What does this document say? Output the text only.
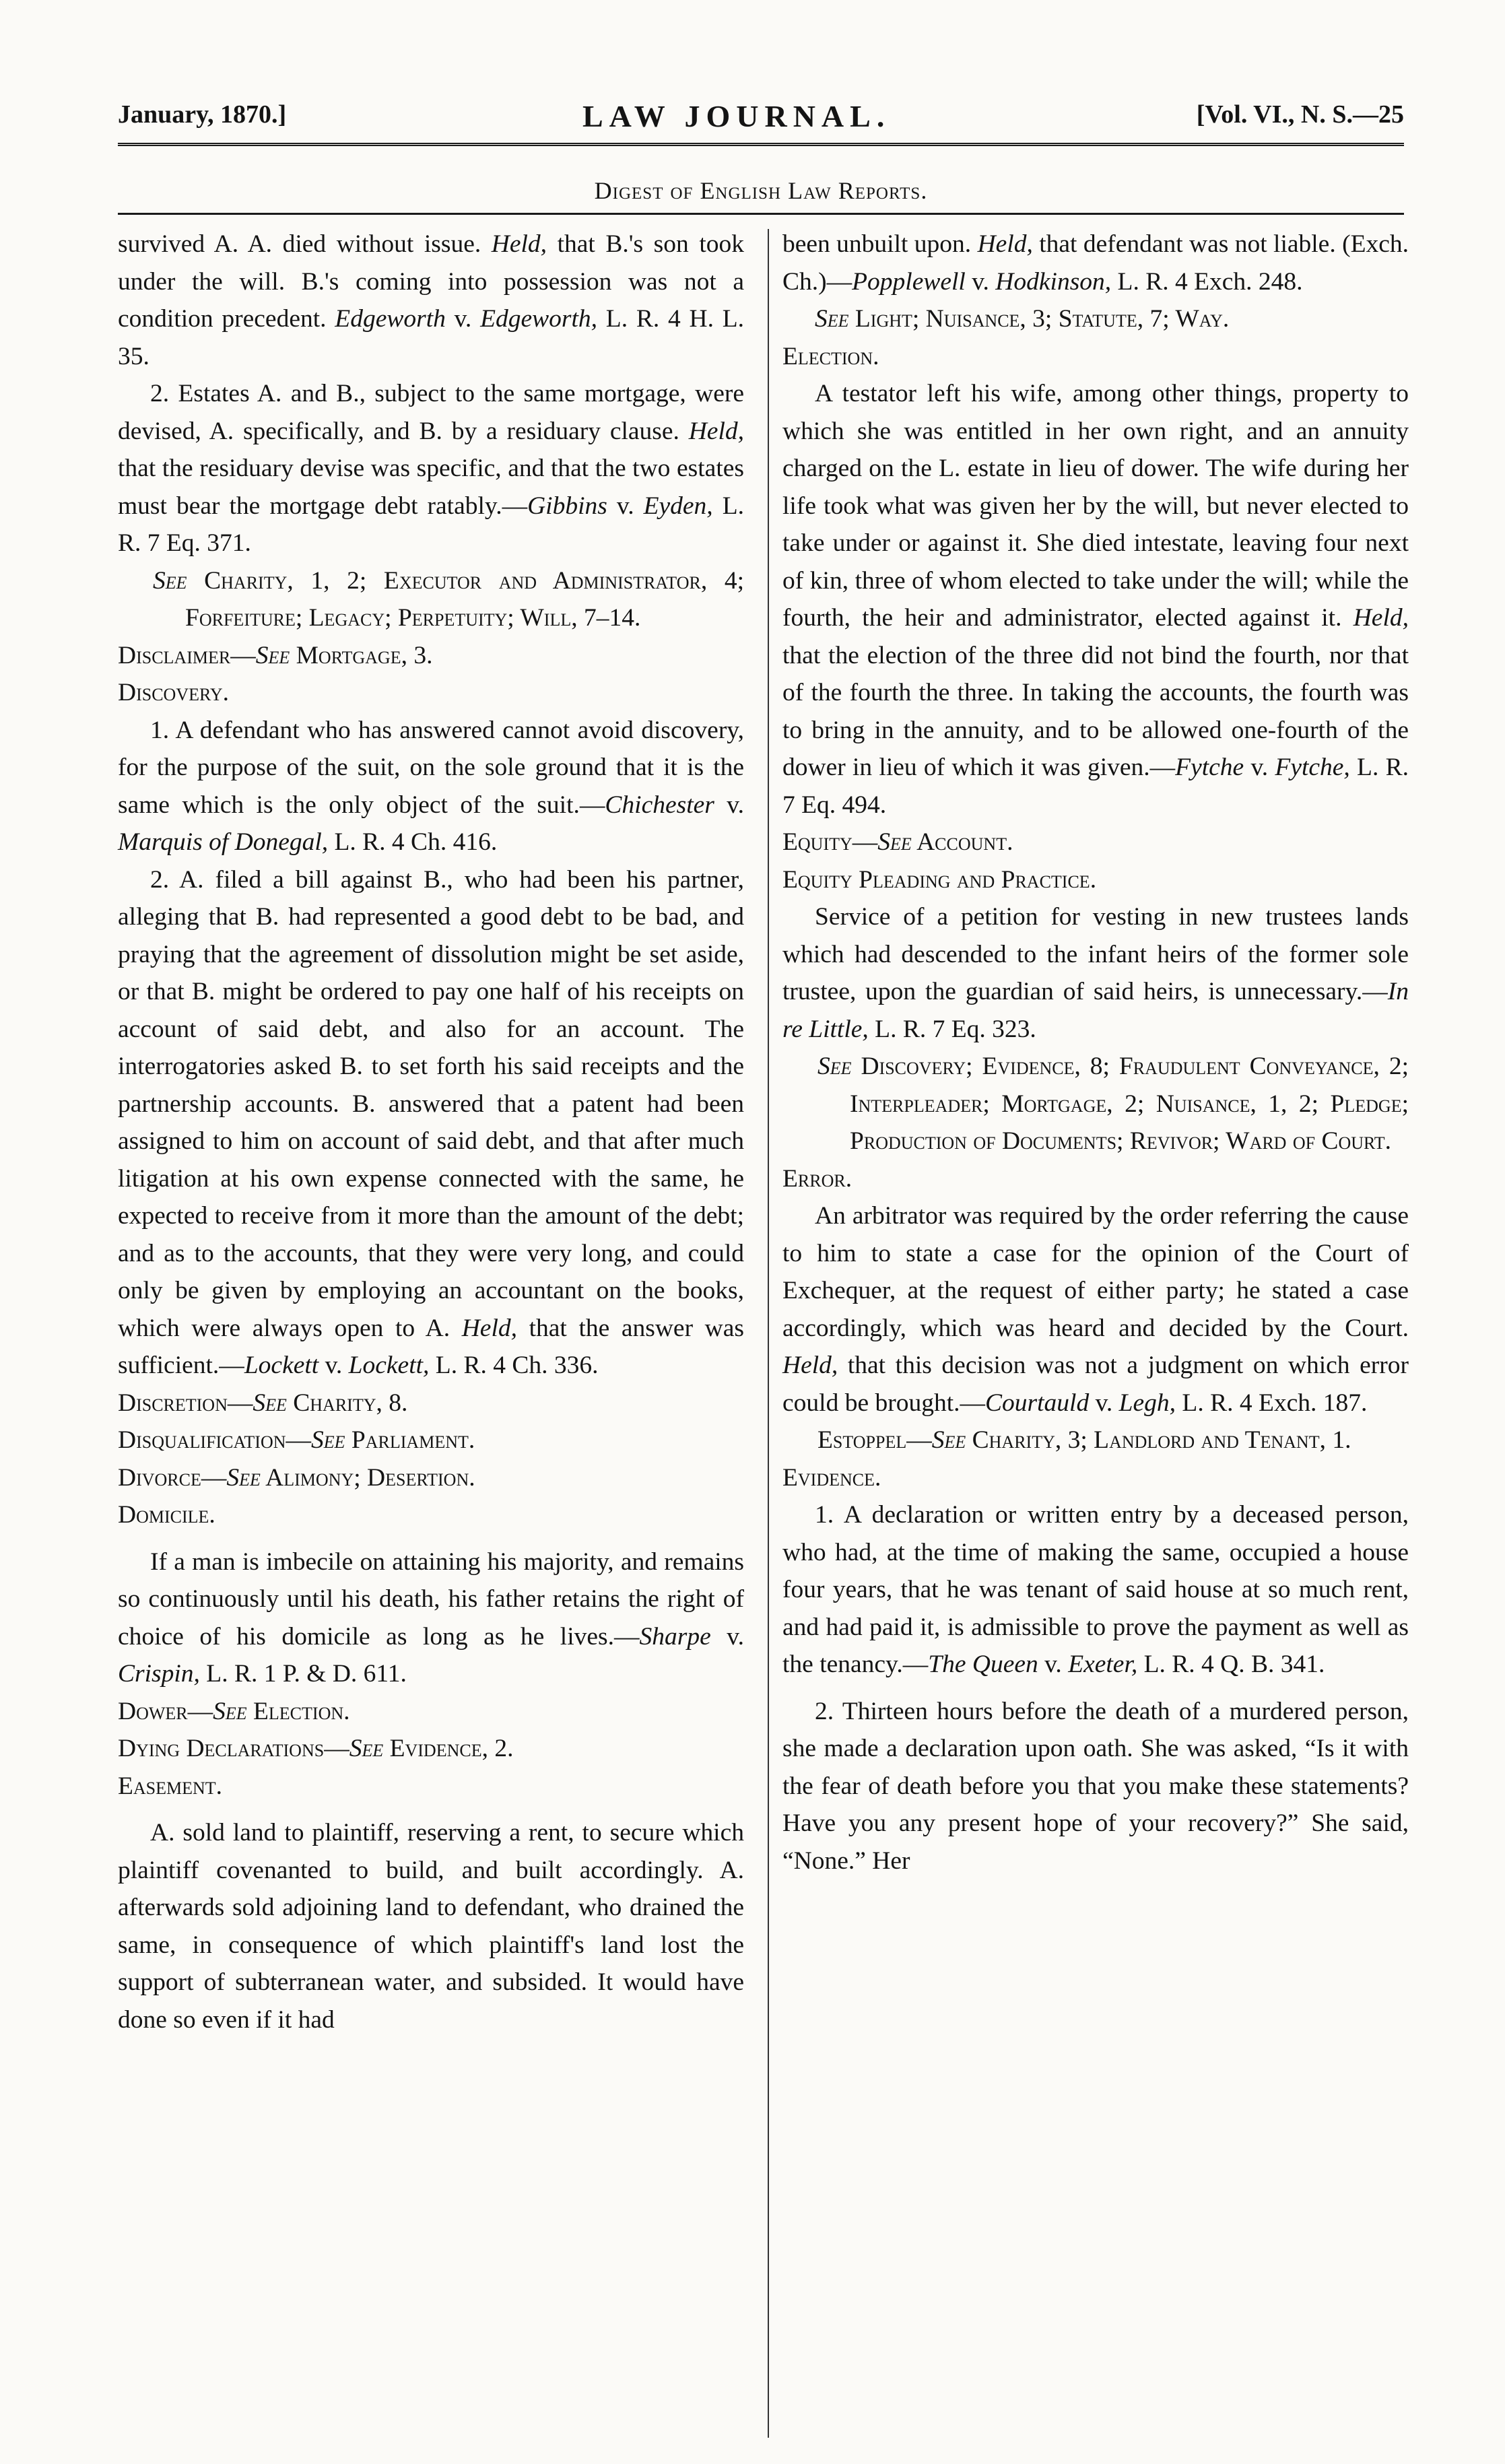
January, 1870.]	LAW JOURNAL.	[Vol. VI., N. S.—25
Digest of English Law Reports.

survived A. A. died without issue. Held, that B.'s son took under the will. B.'s coming into possession was not a condition precedent. Edgeworth v. Edgeworth, L. R. 4 H. L. 35.

2. Estates A. and B., subject to the same mortgage, were devised, A. specifically, and B. by a residuary clause. Held, that the residuary devise was specific, and that the two estates must bear the mortgage debt ratably.—Gibbins v. Eyden, L. R. 7 Eq. 371.

See Charity, 1, 2; Executor and Administrator, 4; Forfeiture; Legacy; Perpetuity; Will, 7–14.

Disclaimer—See Mortgage, 3.

Discovery.

1. A defendant who has answered cannot avoid discovery, for the purpose of the suit, on the sole ground that it is the same which is the only object of the suit.—Chichester v. Marquis of Donegal, L. R. 4 Ch. 416.

2. A. filed a bill against B., who had been his partner, alleging that B. had represented a good debt to be bad, and praying that the agreement of dissolution might be set aside, or that B. might be ordered to pay one half of his receipts on account of said debt, and also for an account. The interrogatories asked B. to set forth his said receipts and the partnership accounts. B. answered that a patent had been assigned to him on account of said debt, and that after much litigation at his own expense connected with the same, he expected to receive from it more than the amount of the debt; and as to the accounts, that they were very long, and could only be given by employing an accountant on the books, which were always open to A. Held, that the answer was sufficient.—Lockett v. Lockett, L. R. 4 Ch. 336.

Discretion—See Charity, 8.

Disqualification—See Parliament.

Divorce—See Alimony; Desertion.

Domicile.

If a man is imbecile on attaining his majority, and remains so continuously until his death, his father retains the right of choice of his domicile as long as he lives.—Sharpe v. Crispin, L. R. 1 P. & D. 611.

Dower—See Election.

Dying Declarations—See Evidence, 2.

Easement.

A. sold land to plaintiff, reserving a rent, to secure which plaintiff covenanted to build, and built accordingly. A. afterwards sold adjoining land to defendant, who drained the same, in consequence of which plaintiff's land lost the support of subterranean water, and subsided. It would have done so even if it had

been unbuilt upon. Held, that defendant was not liable. (Exch. Ch.)—Popplewell v. Hodkinson, L. R. 4 Exch. 248.

See Light; Nuisance, 3; Statute, 7; Way.

Election.

A testator left his wife, among other things, property to which she was entitled in her own right, and an annuity charged on the L. estate in lieu of dower. The wife during her life took what was given her by the will, but never elected to take under or against it. She died intestate, leaving four next of kin, three of whom elected to take under the will; while the fourth, the heir and administrator, elected against it. Held, that the election of the three did not bind the fourth, nor that of the fourth the three. In taking the accounts, the fourth was to bring in the annuity, and to be allowed one-fourth of the dower in lieu of which it was given.—Fytche v. Fytche, L. R. 7 Eq. 494.

Equity—See Account.

Equity Pleading and Practice.

Service of a petition for vesting in new trustees lands which had descended to the infant heirs of the former sole trustee, upon the guardian of said heirs, is unnecessary.—In re Little, L. R. 7 Eq. 323.

See Discovery; Evidence, 8; Fraudulent Conveyance, 2; Interpleader; Mortgage, 2; Nuisance, 1, 2; Pledge; Production of Documents; Revivor; Ward of Court.

Error.

An arbitrator was required by the order referring the cause to him to state a case for the opinion of the Court of Exchequer, at the request of either party; he stated a case accordingly, which was heard and decided by the Court. Held, that this decision was not a judgment on which error could be brought.—Courtauld v. Legh, L. R. 4 Exch. 187.

Estoppel—See Charity, 3; Landlord and Tenant, 1.

Evidence.

1. A declaration or written entry by a deceased person, who had, at the time of making the same, occupied a house four years, that he was tenant of said house at so much rent, and had paid it, is admissible to prove the payment as well as the tenancy.—The Queen v. Exeter, L. R. 4 Q. B. 341.

2. Thirteen hours before the death of a murdered person, she made a declaration upon oath. She was asked, “Is it with the fear of death before you that you make these statements? Have you any present hope of your recovery?” She said, “None.” Her
